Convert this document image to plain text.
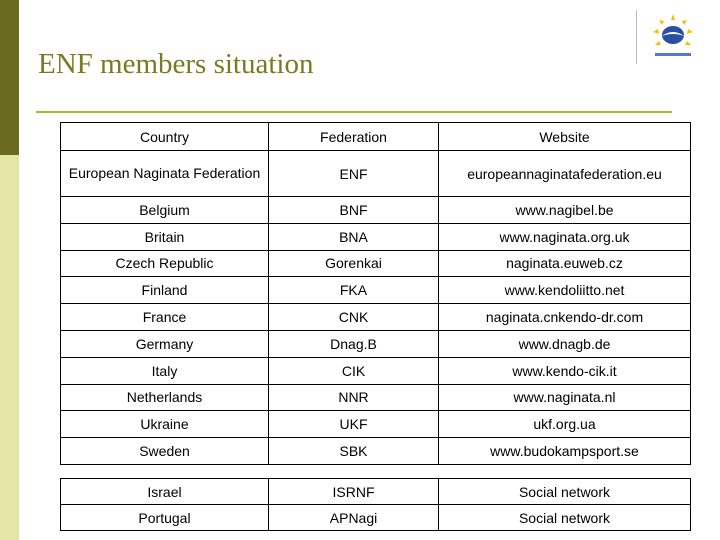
ENF members situation
Country	Federation	Website
European Naginata Federation	ENF	europeannaginatafederation.eu
Belgium	BNF	www.nagibel.be
Britain	BNA	www.naginata.org.uk
Czech Republic	Gorenkai	naginata.euweb.cz
Finland	FKA	www.kendoliitto.net
France	CNK	naginata.cnkendo-dr.com
Germany	Dnag.B	www.dnagb.de
Italy	CIK	www.kendo-cik.it
Netherlands	NNR	www.naginata.nl
Ukraine	UKF	ukf.org.ua
Sweden	SBK	www.budokampsport.se
Israel	ISRNF	Social network
Portugal	APNagi	Social network
